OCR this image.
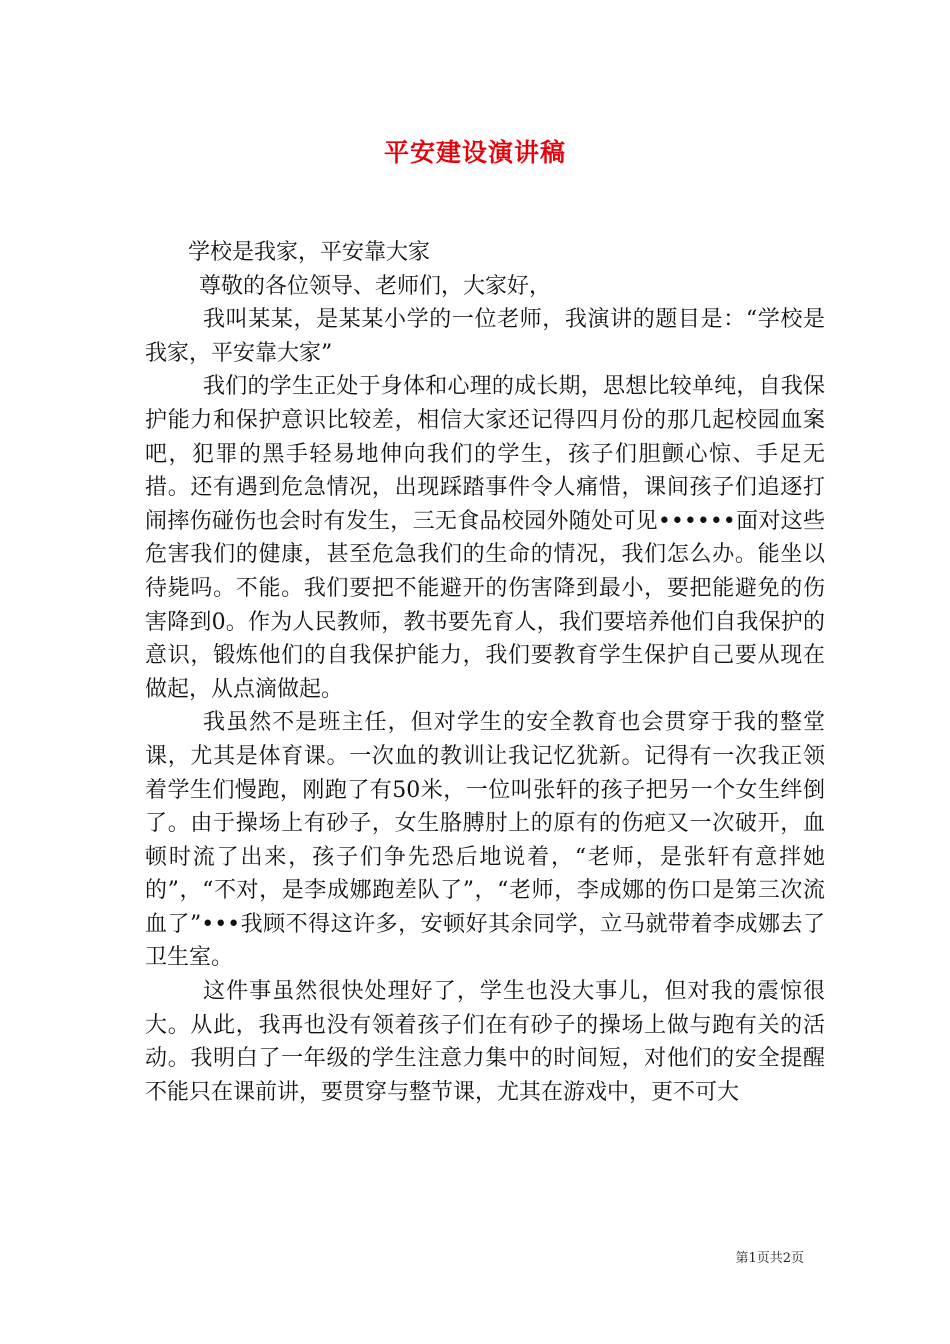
平安建设演讲稿

学校是我家，平安靠大家

尊敬的各位领导、老师们，大家好，

我叫某某，是某某小学的一位老师，我演讲的题目是：“学校是我家，平安靠大家”

我们的学生正处于身体和心理的成长期，思想比较单纯，自我保护能力和保护意识比较差，相信大家还记得四月份的那几起校园血案吧，犯罪的黑手轻易地伸向我们的学生，孩子们胆颤心惊、手足无措。还有遇到危急情况，出现踩踏事件令人痛惜，课间孩子们追逐打闹摔伤碰伤也会时有发生，三无食品校园外随处可见••••••面对这些危害我们的健康，甚至危急我们的生命的情况，我们怎么办。能坐以待毙吗。不能。我们要把不能避开的伤害降到最小，要把能避免的伤害降到0。作为人民教师，教书要先育人，我们要培养他们自我保护的意识，锻炼他们的自我保护能力，我们要教育学生保护自己要从现在做起，从点滴做起。

我虽然不是班主任，但对学生的安全教育也会贯穿于我的整堂课，尤其是体育课。一次血的教训让我记忆犹新。记得有一次我正领着学生们慢跑，刚跑了有50米，一位叫张轩的孩子把另一个女生绊倒了。由于操场上有砂子，女生胳膊肘上的原有的伤疤又一次破开，血顿时流了出来，孩子们争先恐后地说着，“老师，是张轩有意拌她的”，“不对，是李成娜跑差队了”，“老师，李成娜的伤口是第三次流血了”•••我顾不得这许多，安顿好其余同学，立马就带着李成娜去了卫生室。

这件事虽然很快处理好了，学生也没大事儿，但对我的震惊很大。从此，我再也没有领着孩子们在有砂子的操场上做与跑有关的活动。我明白了一年级的学生注意力集中的时间短，对他们的安全提醒不能只在课前讲，要贯穿与整节课，尤其在游戏中，更不可大

第1页共2页
